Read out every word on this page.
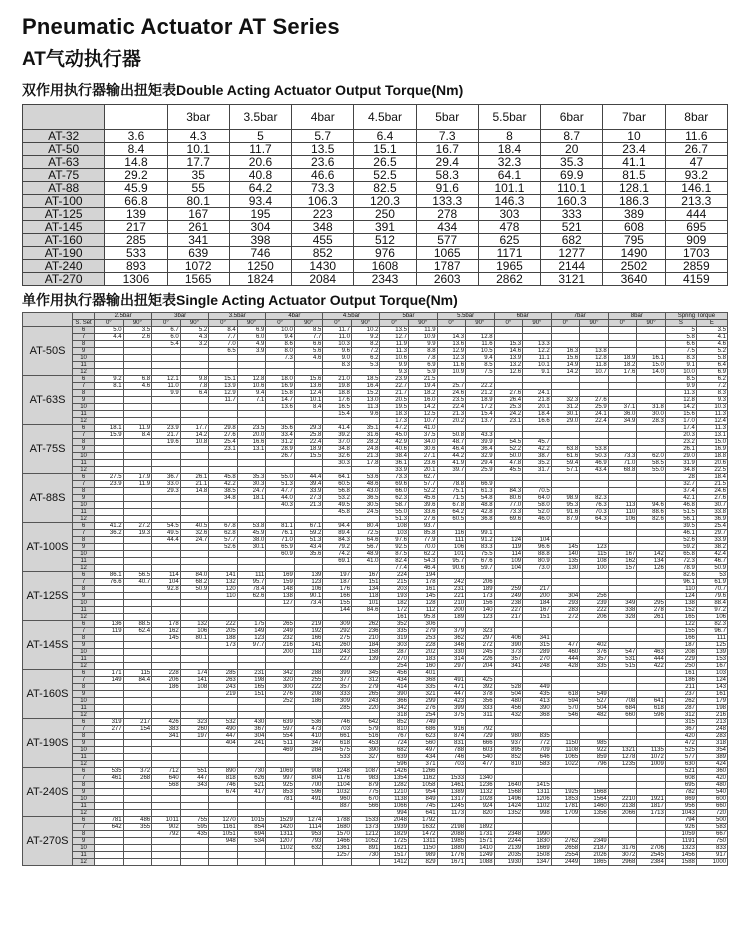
Pneumatic Actuator AT Series
AT气动执行器
双作用执行器输出扭矩表Double Acting Actuator Output Torque(Nm)
		3bar	3.5bar	4bar	4.5bar	5bar	5.5bar	6bar	7bar	8bar
AT-32	3.6	4.3	5	5.7	6.4	7.3	8	8.7	10	11.6
AT-50	8.4	10.1	11.7	13.5	15.1	16.7	18.4	20	23.4	26.7
AT-63	14.8	17.7	20.6	23.6	26.5	29.4	32.3	35.3	41.1	47
AT-75	29.2	35	40.8	46.6	52.5	58.3	64.1	69.9	81.5	93.2
AT-88	45.9	55	64.2	73.3	82.5	91.6	101.1	110.1	128.1	146.1
AT-100	66.8	80.1	93.4	106.3	120.3	133.3	146.3	160.3	186.3	213.3
AT-125	139	167	195	223	250	278	303	333	389	444
AT-145	217	261	304	348	391	434	478	521	608	695
AT-160	285	341	398	455	512	577	625	682	795	909
AT-190	533	639	746	852	976	1065	1171	1277	1490	1703
AT-240	893	1072	1250	1430	1608	1787	1965	2144	2502	2859
AT-270	1306	1565	1824	2084	2343	2603	2862	3121	3640	4159
单作用执行器输出扭矩表Single Acting Actuator Output Torque(Nm)
		2.5bar		3bar		3.5bar		4bar		4.5bar		5bar		5.5bar		6bar		7bar		8bar		Spring Torque	
	S. Set	0°	90°	0°	90°	0°	90°	0°	90°	0°	90°	0°	90°	0°	90°	0°	90°	0°	90°	0°	90°	S	E
AT-50S	6	5.0	3.5	6.7	5.2	8.4	6.9	10.0	8.5	11.7	10.2	13.5	11.9									5	3.5
	7	4.4	2.6	6.0	4.3	7.7	6.0	9.4	7.7	11.0	9.2	12.7	10.9	14.3	12.8							5.8	4.1
	8			5.4	3.2	7.0	4.9	8.6	6.6	10.3	8.2	11.9	9.9	13.6	11.6	15.3	13.3					6.6	4.6
	9					6.5	3.9	8.0	5.6	9.6	7.2	11.3	8.8	12.9	10.5	14.6	12.2	16.3	13.8			7.5	5.2
	10							7.3	4.6	9.0	6.2	10.6	7.8	12.3	9.4	13.9	11.1	15.6	12.8	18.9	16.1	8.3	5.8
	11									8.3	5.3	9.9	6.9	11.6	8.5	13.2	10.1	14.9	11.8	18.2	15.0	9.1	6.4
	12											9.3	5.9	10.9	7.5	12.6	9.1	14.2	10.7	17.6	14.0	10.0	6.9
AT-63S	6	9.2	6.8	12.1	9.8	15.1	12.8	18.0	15.6	21.0	18.5	23.9	21.5									8.5	6.2
	7	8.1	4.6	11.0	7.8	13.9	10.6	16.9	13.6	19.8	16.4	22.7	19.4	25.7	22.2							9.9	7.2
	8			9.9	6.4	12.9	9.4	15.8	12.4	18.8	15.2	21.7	18.2	24.6	21.2	27.6	24.1					11.3	8.3
	9					11.7	7.1	14.7	10.1	17.6	13.0	20.5	16.0	23.5	18.9	26.4	21.8	32.3	27.6			12.8	9.3
	10							13.6	8.4	16.5	11.3	19.5	14.2	22.4	17.2	25.3	20.1	31.2	25.9	37.1	31.8	14.2	10.3
	11									15.4	9.6	18.3	12.5	21.3	15.4	24.2	18.4	30.1	24.1	36.0	30.0	15.6	11.3
	12											17.3	10.7	20.2	13.7	23.1	16.6	29.0	22.4	34.9	28.3	17.0	12.4
AT-75S	6	18.1	11.9	23.9	17.7	29.8	23.5	35.6	29.3	41.4	35.1	47.2	41.0									17.4	11.3
	7	15.9	8.4	21.7	14.2	27.6	20.0	33.4	25.8	39.2	31.6	45.0	37.5	50.8	43.3							20.3	13.1
	8			19.6	10.8	25.4	16.6	31.2	22.4	37.0	28.2	42.9	34.0	48.7	39.9	54.5	45.7					23.2	15.0
	9					23.1	13.1	28.9	18.9	34.8	24.8	40.6	30.6	46.4	36.4	52.2	42.2	63.8	53.8			26.1	16.9
	10							26.7	15.5	32.6	21.3	38.4	27.1	44.2	32.9	50.0	38.7	61.6	50.3	73.3	62.0	29.0	18.8
	11									30.3	17.8	36.1	23.6	41.9	29.4	47.8	35.2	59.4	46.9	71.0	58.5	31.9	20.6
	12											33.9	20.1	39.7	25.9	45.5	31.7	57.1	43.4	68.8	55.0	34.8	22.5
AT-88S	6	27.5	17.9	36.7	26.1	45.8	35.3	55.0	44.4	64.1	53.6	73.3	62.7									28	18.4
	7	23.9	11.9	33.0	21.1	42.2	30.3	51.3	39.4	60.5	48.6	69.6	57.7	78.8	66.9							32.7	21.5
	8			29.3	14.8	38.5	24.7	47.7	33.9	56.8	43.0	66.0	52.2	75.1	61.3	84.3	70.5					37.4	24.6
	9					34.8	18.1	44.0	27.3	53.2	36.5	62.3	45.6	71.5	54.8	80.6	64.0	98.9	82.3			42.1	27.6
	10							40.3	21.3	49.5	30.5	58.7	39.6	67.8	48.8	77.0	58.0	95.3	76.3	113	94.6	46.8	30.7
	11									45.8	24.5	55.0	33.6	64.2	42.8	73.3	52.0	91.6	70.3	110	88.6	51.5	33.8
	12											51.3	27.6	60.5	36.8	69.6	46.0	87.9	64.3	106	82.6	56.1	36.9
AT-100S	6	41.2	27.2	54.5	40.5	67.8	53.8	81.1	67.1	94.4	80.4	108	93.7									39.5	25.4
	7	36.2	19.3	49.5	32.6	62.8	45.9	76.1	59.2	89.4	72.5	103	85.8	116	99.1							46.1	29.7
	8			44.4	24.7	57.7	38.0	71.0	51.3	84.3	64.6	97.6	77.9	111	91.2	124	104					52.6	33.9
	9					52.6	30.1	65.9	43.4	79.2	56.7	92.5	70.0	106	83.3	119	96.6	145	123			59.2	38.2
	10							60.9	35.6	74.2	48.9	87.5	62.2	101	75.5	114	88.8	140	115	167	142	65.8	42.4
	11									69.1	41.0	82.4	54.3	95.7	67.6	109	80.9	135	108	162	134	72.3	46.7
	12											77.4	46.4	90.6	59.7	104	73.0	130	100	157	126	78.9	50.9
AT-125S	6	86.1	56.5	114	84.0	141	111	169	139	197	167	224	194									82.6	53
	7	76.6	40.7	104	68.2	132	95.7	159	123	187	151	215	178	242	206							96.1	61.9
	8			92.8	50.9	120	78.4	148	106	176	134	203	161	231	189	259	217					110	70.7
	9					110	62.6	138	90.1	166	118	193	145	221	173	249	200	304	256			124	79.6
	10							127	73.4	155	101	182	128	210	156	238	184	293	239	349	295	138	88.4
	11									144	84.6	172	112	200	140	227	167	283	222	338	278	152	97.2
	12											161	95.8	189	123	217	151	272	206	328	261	165	106
AT-145S	6	136	88.5	178	132	222	175	265	219	309	262	352	306									122	82.3
	7	119	62.4	162	106	205	149	249	192	292	236	335	279	379	323							155	96.7
	8			145	80.1	188	123	232	166	275	210	319	253	362	297	406	341					166	111
	9					173	97.7	216	141	260	184	303	228	346	272	390	315	477	402			187	125
	10							200	118	243	158	287	202	330	245	373	289	460	376	547	463	208	139
	11									227	139	270	183	314	226	357	270	444	357	531	444	229	153
	12											254	160	297	204	341	248	428	335	515	422	250	167
AT-160S	6	171	115	228	174	285	231	342	288	399	345	456	401									161	103
	7	149	84.4	206	141	263	198	320	255	377	312	434	368	491	425							186	124
	8			186	108	243	165	300	222	357	279	414	335	471	392	528	449					211	143
	9					219	151	276	208	333	265	390	321	447	378	504	435	618	549			237	161
	10							252	186	309	243	366	299	423	356	480	413	594	527	708	641	262	179
	11									285	220	342	276	399	333	456	390	570	504	684	618	287	198
	12											318	254	375	311	432	368	546	482	660	596	312	216
AT-190S	6	319	217	426	323	532	430	639	536	746	642	852	749									315	213
	7	277	154	383	260	490	367	597	473	703	579	810	686	916	792							367	248
	8			341	197	447	304	554	410	661	516	767	623	874	729	980	835					420	283
	9					404	241	511	347	618	453	724	560	831	666	937	772	1150	985			472	318
	10							469	284	575	390	682	497	788	603	895	709	1108	922	1321	1135	525	354
	11									533	327	639	434	746	540	852	646	1065	859	1278	1072	577	389
	12											596	371	703	477	810	583	1022	796	1235	1009	630	424
AT-240S	6	535	372	712	551	890	730	1069	908	1248	1087	1426	1266									521	360
	7	461	268	640	447	818	626	997	804	1176	983	1354	1162	1533	1340							608	420
	8			568	343	746	521	925	700	1104	879	1282	1058	1461	1236	1640	1415					695	480
	9					674	417	853	596	1032	775	1210	954	1389	1132	1568	1311	1925	1668			782	540
	10							781	491	960	670	1138	849	1317	1028	1496	1206	1853	1564	2210	1921	869	600
	11									887	566	1066	745	1245	924	1424	1102	1781	1460	2138	1817	956	660
	12											994	641	1173	820	1352	998	1709	1356	2066	1713	1043	720
AT-270S	6	781	486	1011	755	1270	1015	1529	1274	1788	1533	2048	1792									794	500
	7	642	355	902	595	1161	854	1420	1114	1680	1373	1939	1632	2198	1892							926	583
	8			792	435	1051	694	1311	953	1570	1212	1829	1472	2088	1731	2348	1990					1059	667
	9					948	534	1207	793	1466	1052	1725	1311	1985	1571	2244	1830	2762	2349			1191	750
	10							1102	632	1361	891	1621	1150	1880	1410	2139	1669	2658	2187	3176	2706	1323	833
	11									1257	730	1517	989	1776	1249	2035	1508	2554	2026	3072	2545	1456	917
	12											1412	829	1671	1088	1930	1347	2449	1865	2968	2384	1588	1000
